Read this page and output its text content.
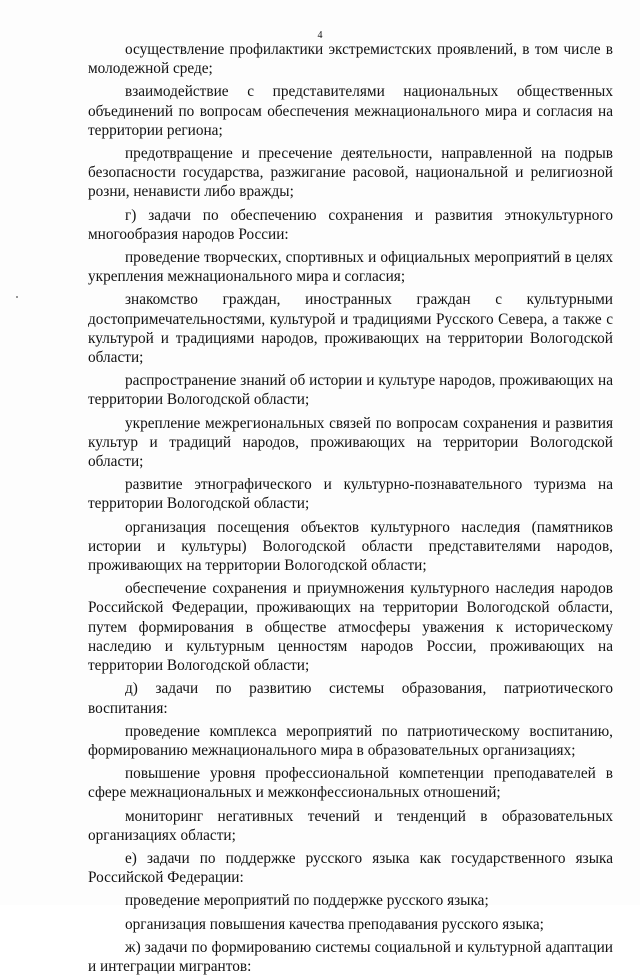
4

осуществление профилактики экстремистских проявлений, в том числе в молодежной среде;

взаимодействие с представителями национальных общественных объединений по вопросам обеспечения межнационального мира и согласия на территории региона;

предотвращение и пресечение деятельности, направленной на подрыв безопасности государства, разжигание расовой, национальной и религиозной розни, ненависти либо вражды;

г) задачи по обеспечению сохранения и развития этнокультурного многообразия народов России:

проведение творческих, спортивных и официальных мероприятий в целях укрепления межнационального мира и согласия;

знакомство граждан, иностранных граждан с культурными достопримечательностями, культурой и традициями Русского Севера, а также с культурой и традициями народов, проживающих на территории Вологодской области;

распространение знаний об истории и культуре народов, проживающих на территории Вологодской области;

укрепление межрегиональных связей по вопросам сохранения и развития культур и традиций народов, проживающих на территории Вологодской области;

развитие этнографического и культурно-познавательного туризма на территории Вологодской области;

организация посещения объектов культурного наследия (памятников истории и культуры) Вологодской области представителями народов, проживающих на территории Вологодской области;

обеспечение сохранения и приумножения культурного наследия народов Российской Федерации, проживающих на территории Вологодской области, путем формирования в обществе атмосферы уважения к историческому наследию и культурным ценностям народов России, проживающих на территории Вологодской области;

д) задачи по развитию системы образования, патриотического воспитания:

проведение комплекса мероприятий по патриотическому воспитанию, формированию межнационального мира в образовательных организациях;

повышение уровня профессиональной компетенции преподавателей в сфере межнациональных и межконфессиональных отношений;

мониторинг негативных течений и тенденций в образовательных организациях области;

е) задачи по поддержке русского языка как государственного языка Российской Федерации:

проведение мероприятий по поддержке русского языка;

организация повышения качества преподавания русского языка;

ж) задачи по формированию системы социальной и культурной адаптации и интеграции мигрантов:
